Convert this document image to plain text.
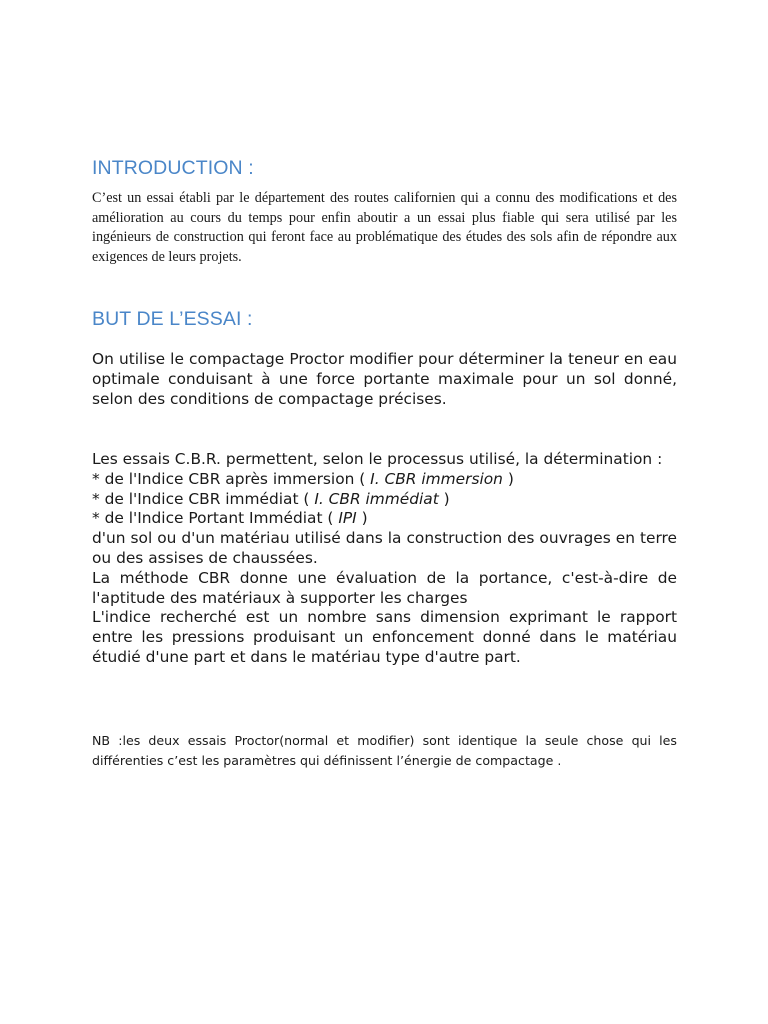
INTRODUCTION :

C’est un essai établi par le département des routes californien qui a connu des modifications et des amélioration au cours du temps pour enfin aboutir a un essai plus fiable qui sera utilisé par les ingénieurs de construction qui feront face au problématique des études des sols afin de répondre aux exigences de leurs projets.

BUT DE L’ESSAI :

On utilise le compactage Proctor modifier pour déterminer la teneur en eau optimale conduisant à une force portante maximale pour un sol donné, selon des conditions de compactage précises.

Les essais C.B.R. permettent, selon le processus utilisé, la détermination :
* de l'Indice CBR après immersion ( I. CBR immersion )
* de l'Indice CBR immédiat ( I. CBR immédiat )
* de l'Indice Portant Immédiat ( IPI )
d'un sol ou d'un matériau utilisé dans la construction des ouvrages en terre ou des assises de chaussées.
La méthode CBR donne une évaluation de la portance, c'est-à-dire de l'aptitude des matériaux à supporter les charges
L'indice recherché est un nombre sans dimension exprimant le rapport entre les pressions produisant un enfoncement donné dans le matériau étudié d'une part et dans le matériau type d'autre part.

NB :les deux essais Proctor(normal et modifier) sont identique la seule chose qui les différenties c’est les paramètres qui définissent l’énergie de compactage .
